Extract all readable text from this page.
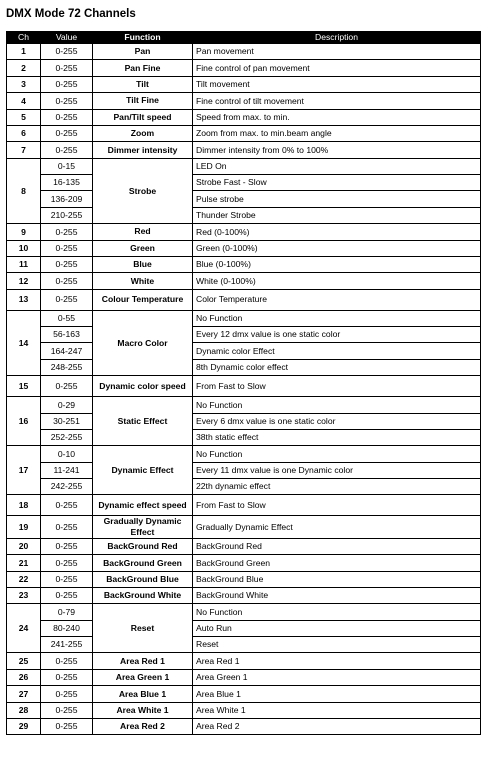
DMX Mode 72 Channels
Ch	Value	Function	Description
1	0-255	Pan	Pan movement
2	0-255	Pan Fine	Fine control of pan movement
3	0-255	Tilt	Tilt movement
4	0-255	Tilt Fine	Fine control of tilt movement
5	0-255	Pan/Tilt speed	Speed from max. to min.
6	0-255	Zoom	Zoom from max. to min.beam angle
7	0-255	Dimmer intensity	Dimmer intensity from 0% to 100%
8	0-15	Strobe	LED On
	16-135		Strobe Fast - Slow
	136-209		Pulse strobe
	210-255		Thunder Strobe
9	0-255	Red	Red (0-100%)
10	0-255	Green	Green (0-100%)
11	0-255	Blue	Blue (0-100%)
12	0-255	White	White (0-100%)
13	0-255	Colour Temperature	Color Temperature
14	0-55	Macro Color	No Function
	56-163		Every 12 dmx value is one static color
	164-247		Dynamic color Effect
	248-255		8th Dynamic color effect
15	0-255	Dynamic color speed	From Fast to Slow
16	0-29	Static Effect	No Function
	30-251		Every 6 dmx value is one static color
	252-255		38th static effect
17	0-10	Dynamic Effect	No Function
	11-241		Every 11 dmx value is one Dynamic color
	242-255		22th dynamic effect
18	0-255	Dynamic effect speed	From Fast to Slow
19	0-255	Gradually Dynamic Effect	Gradually Dynamic Effect
20	0-255	BackGround Red	BackGround Red
21	0-255	BackGround Green	BackGround Green
22	0-255	BackGround Blue	BackGround Blue
23	0-255	BackGround White	BackGround White
24	0-79	Reset	No Function
	80-240		Auto Run
	241-255		Reset
25	0-255	Area Red 1	Area Red 1
26	0-255	Area Green 1	Area Green 1
27	0-255	Area Blue 1	Area Blue 1
28	0-255	Area White 1	Area White 1
29	0-255	Area Red 2	Area Red 2
